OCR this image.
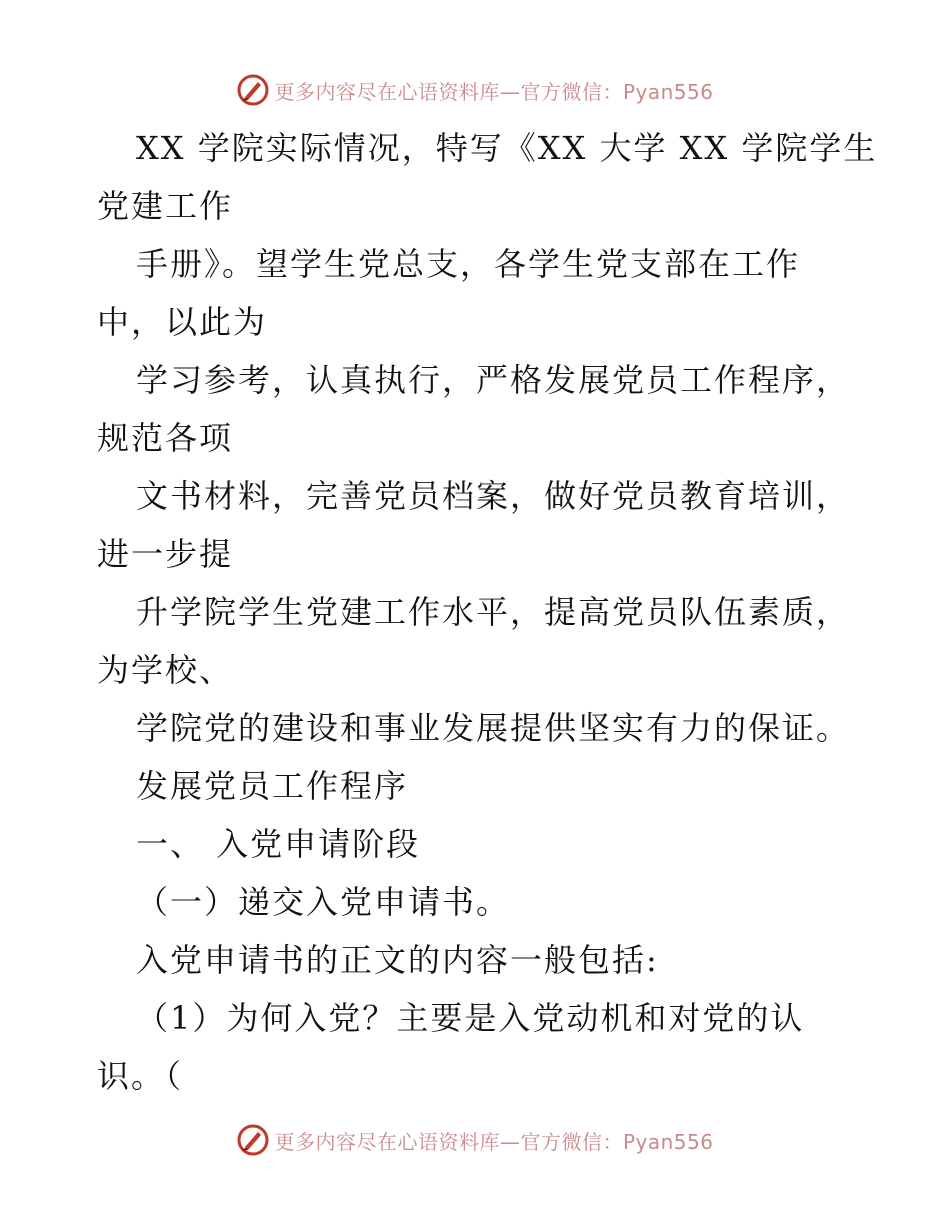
更多内容尽在心语资料库—官方微信：Pyan556
XX 学院实际情况，特写《XX 大学 XX 学院学生
党建工作
手册》。望学生党总支，各学生党支部在工作
中，以此为
学习参考，认真执行，严格发展党员工作程序，
规范各项
文书材料，完善党员档案，做好党员教育培训，
进一步提
升学院学生党建工作水平，提高党员队伍素质，
为学校、
学院党的建设和事业发展提供坚实有力的保证。
发展党员工作程序
一、 入党申请阶段
（一）递交入党申请书。
入党申请书的正文的内容一般包括:
（1）为何入党？主要是入党动机和对党的认
识。（
更多内容尽在心语资料库—官方微信：Pyan556
